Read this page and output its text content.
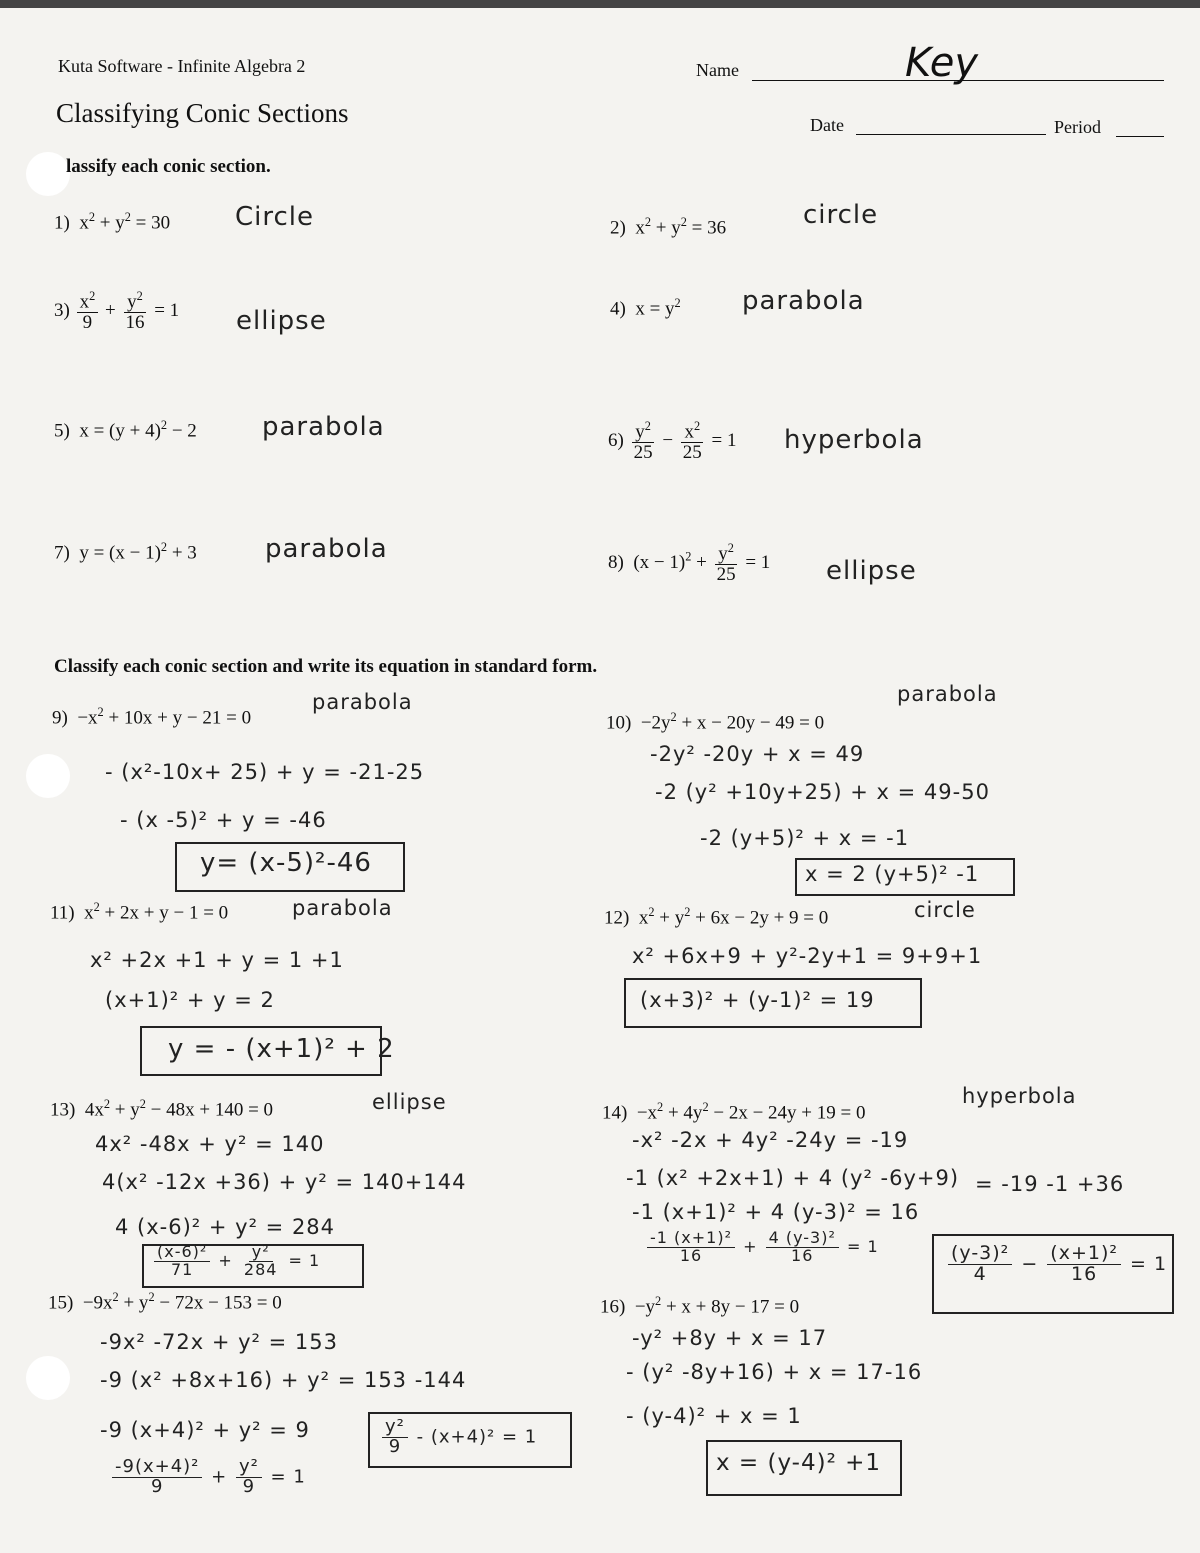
Kuta Software - Infinite Algebra 2
Classifying Conic Sections
Name	Key
Date	Period
lassify each conic section.
1)  $x^2 + y^2 = 30$ Circle	2)  $x^2 + y^2 = 36$	circle
$3) \frac{x^2}{9} + \frac{y^2}{16} = 1$ ellipse	4)  $x = y^2$ parabola
5)  $x = (y + 4)^2 - 2$	parabola	$6) \frac{y^2}{25} - \frac{x^2}{25} = 1$ hyperbola
7)  $y = (x - 1)^2 + 3$	parabola	8)  $(x - 1)^2 + \frac{y^2}{25} = 1$ ellipse
Classify each conic section and write its equation in standard form.
$9) -x^2 + 10x + y - 21 = 0$
parabola
- (x²-10x+ 25) + y = -21-25
- (x -5)² + y = -46
y= (x-5)²-46
$10) -2y^2 + x - 20y - 49 = 0$
parabola
-2y² -20y + x = 49
-2 (y² +10y+25) + x = 49-50
-2 (y+5)² + x = -1
x = 2 (y+5)² -1
11)  $x^2 + 2x + y - 1 = 0$	parabola
x² +2x +1 + y = 1 +1
(x+1)² + y = 2
y = - (x+1)² + 2
12)  $x^2 + y^2 + 6x - 2y + 9 = 0$	circle
x² +6x+9 + y²-2y+1 = 9+9+1
(x+3)² + (y-1)² = 19
13)  $4x^2 + y^2 - 48x + 140 = 0$	ellipse
4x² -48x + y² = 140
4(x² -12x +36) + y² = 140+144
4 (x-6)² + y² = 284
$\frac{\text{(x-6)²}}{71} + \frac{\text{y²}}{284} = 1$
$14) -x^2 + 4y^2 - 2x - 24y + 19 = 0$
hyperbola
-x² -2x + 4y² -24y = -19
-1 (x² +2x+1) + 4 (y² -6y+9) = -19 -1 +36
-1 (x+1)² + 4 (y-3)² = 16
$\frac{\text{-1 (x+1)²}}{16} + \frac{\text{4 (y-3)²}}{16} = 1$	$\frac{\text{(y-3)²}}{4} - \frac{\text{(x+1)²}}{16} = 1$
$15) -9x^2 + y^2 - 72x - 153 = 0$
-9x² -72x + y² = 153
-9 (x² +8x+16) + y² = 153 -144
-9 (x+4)² + y² = 9
$\frac{\text{-9(x+4)²}}{9} + \frac{\text{y²}}{9} = 1$
$\frac{\text{y²}}{9} - (x+4)^2 = 1$
$16) -y^2 + x + 8y - 17 = 0$
-y² +8y + x = 17
- (y² -8y+16) + x = 17-16
- (y-4)² + x = 1
x = (y-4)² +1
